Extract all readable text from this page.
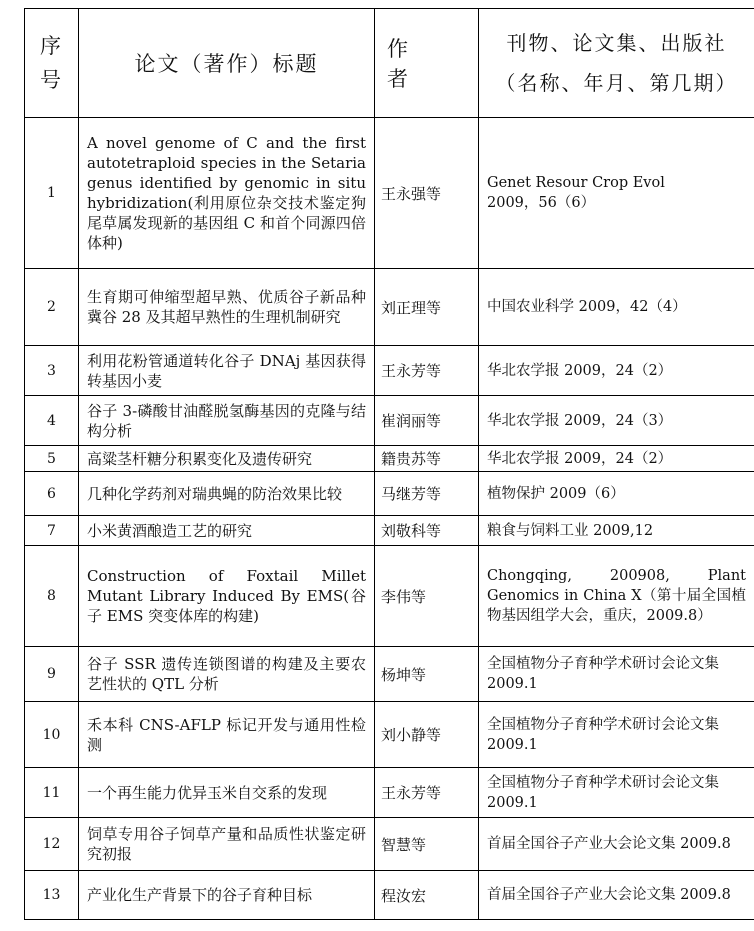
序
号	论文（著作）标题	作者	刊物、论文集、出版社
（名称、年月、第几期）

1	A novel genome of C and the first autotetraploid species in the Setaria genus identified by genomic in situ hybridization(利用原位杂交技术鉴定狗尾草属发现新的基因组 C 和首个同源四倍体种)	王永强等	Genet Resour Crop Evol
2009，56（6）

2	生育期可伸缩型超早熟、优质谷子新品种冀谷 28 及其超早熟性的生理机制研究	刘正理等	中国农业科学 2009，42（4）
3	利用花粉管通道转化谷子 DNAj 基因获得转基因小麦	王永芳等	华北农学报 2009，24（2）
4	谷子 3-磷酸甘油醛脱氢酶基因的克隆与结构分析	崔润丽等	华北农学报 2009，24（3）
5	高粱茎杆糖分积累变化及遗传研究	籍贵苏等	华北农学报 2009，24（2）
6	几种化学药剂对瑞典蝇的防治效果比较	马继芳等	植物保护 2009（6）
7	小米黄酒酿造工艺的研究	刘敬科等	粮食与饲料工业 2009,12
8	Construction of Foxtail Millet Mutant Library Induced By EMS(谷子 EMS 突变体库的构建)	李伟等	Chongqing, 200908, Plant Genomics in China Ⅹ（第十届全国植物基因组学大会，重庆，2009.8）
9	谷子 SSR 遗传连锁图谱的构建及主要农艺性状的 QTL 分析	杨坤等	全国植物分子育种学术研讨会论文集 2009.1
10	禾本科 CNS-AFLP 标记开发与通用性检测	刘小静等	全国植物分子育种学术研讨会论文集 2009.1
11	一个再生能力优异玉米自交系的发现	王永芳等	全国植物分子育种学术研讨会论文集 2009.1
12	饲草专用谷子饲草产量和品质性状鉴定研究初报	智慧等	首届全国谷子产业大会论文集 2009.8
13	产业化生产背景下的谷子育种目标	程汝宏	首届全国谷子产业大会论文集 2009.8
